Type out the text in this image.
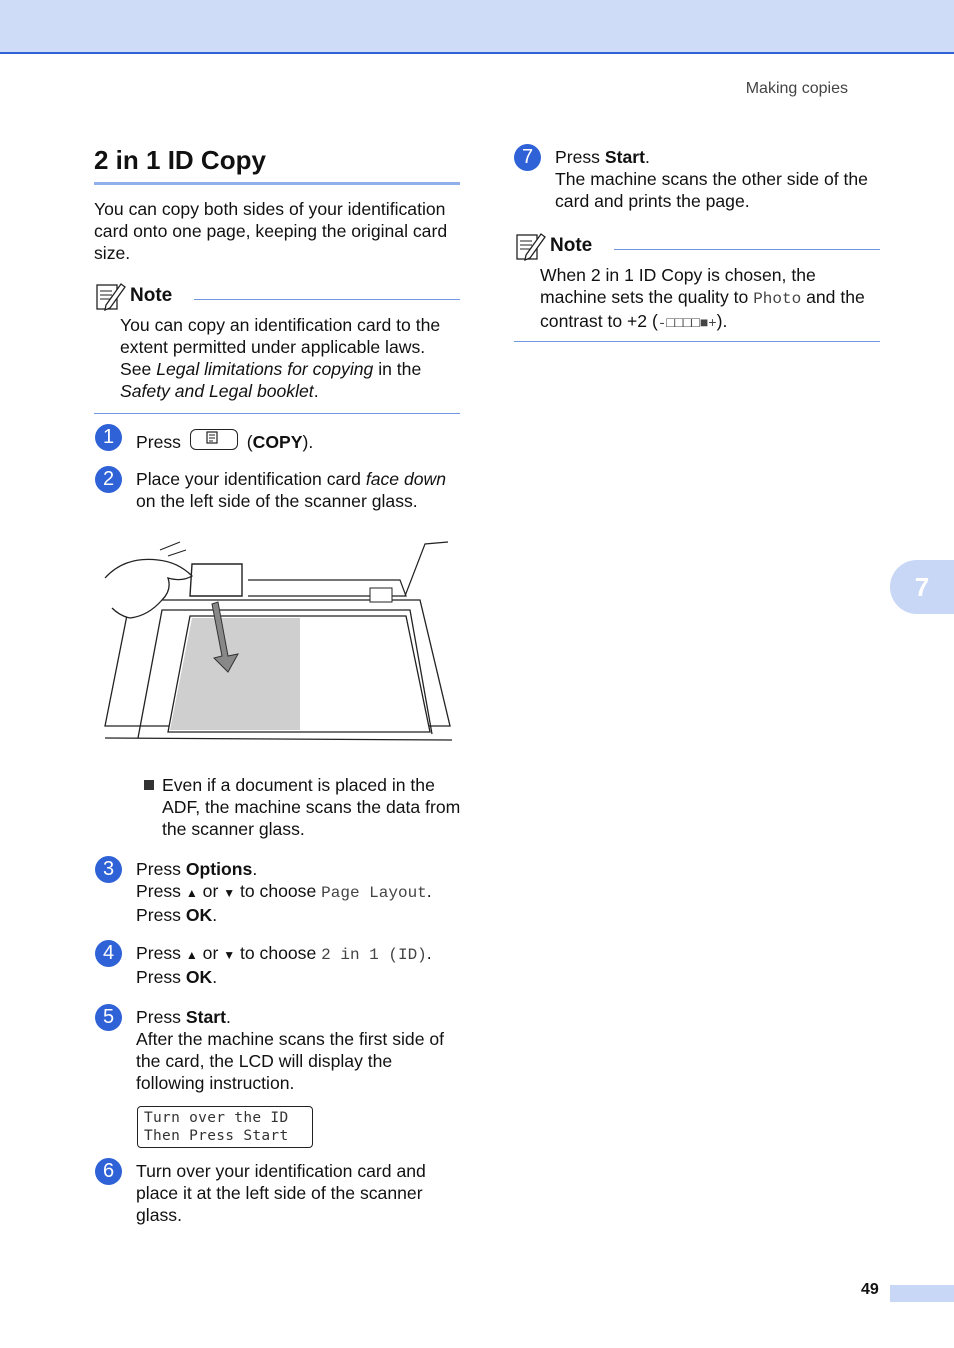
Making copies
7
2 in 1 ID Copy
You can copy both sides of your identification card onto one page, keeping the original card size.
Note
You can copy an identification card to the extent permitted under applicable laws. See Legal limitations for copying in the Safety and Legal booklet.
1	Press	(COPY).
2	Place your identification card face down on the left side of the scanner glass.
Even if a document is placed in the ADF, the machine scans the data from the scanner glass.
3	Press Options.
Press ▲ or ▼ to choose Page Layout.
Press OK.
4	Press ▲ or ▼ to choose 2 in 1 (ID).
Press OK.
5	Press Start.
After the machine scans the first side of the card, the LCD will display the following instruction.
Turn over the ID
Then Press Start
6	Turn over your identification card and place it at the left side of the scanner glass.
7	Press Start.
The machine scans the other side of the card and prints the page.
Note
When 2 in 1 ID Copy is chosen, the machine sets the quality to Photo and the contrast to +2 (-□□□□■+).
49
